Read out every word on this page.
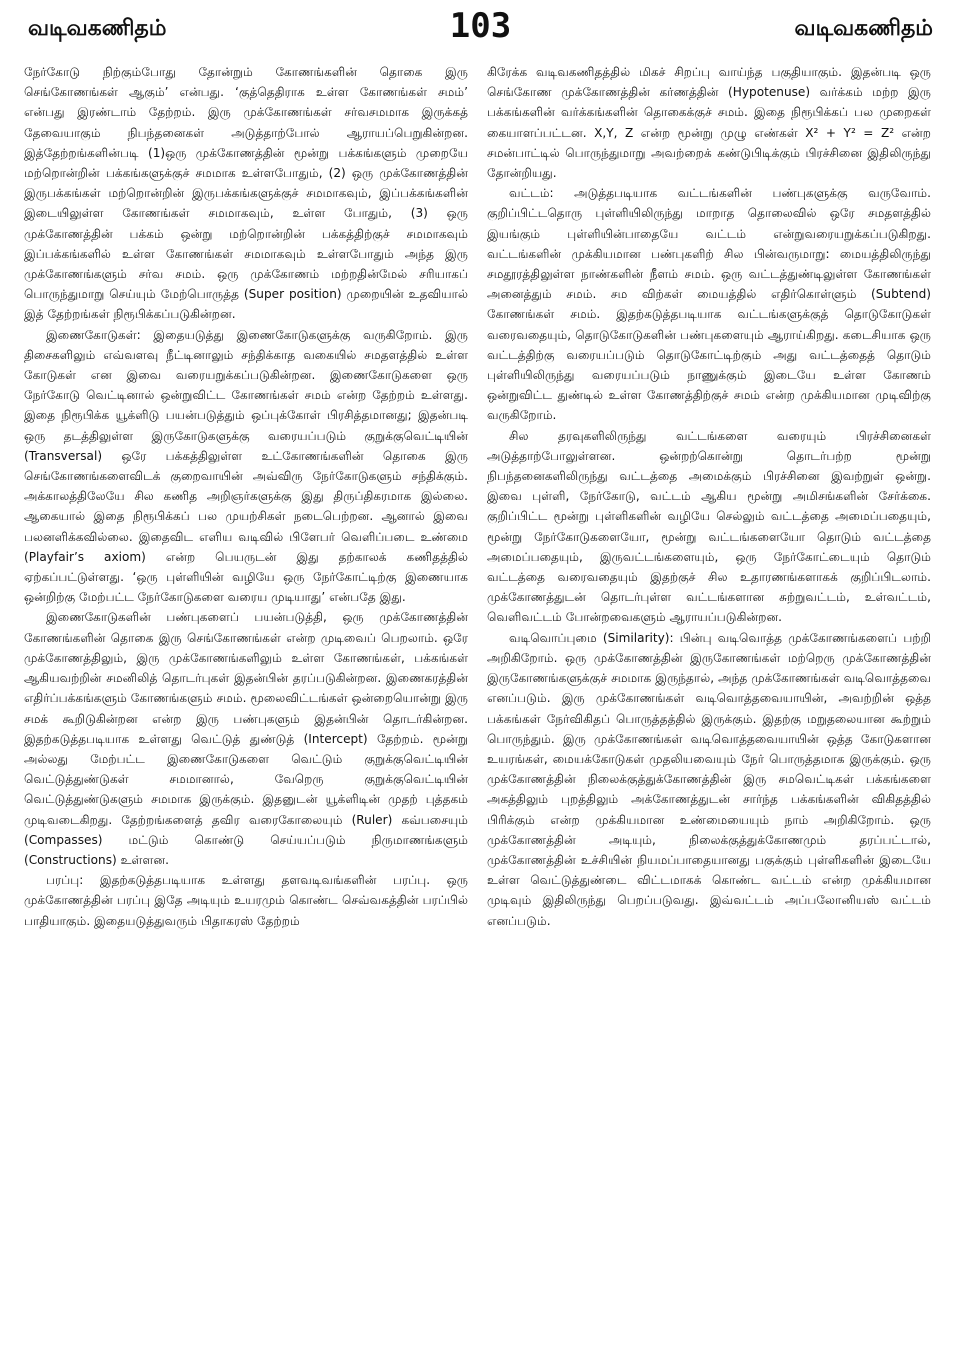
வடிவகணிதம்	103	வடிவகணிதம்

நேர்கோடு நிற்கும்போது தோன்றும் கோணங்களின் தொகை இரு செங்கோணங்கள் ஆகும்’ என்பது. ‘குத்தெதிராக உள்ள கோணங்கள் சமம்’ என்பது இரண்டாம் தேற்றம். இரு முக்கோணங்கள் சர்வசமமாக இருக்கத் தேவையாகும் நிபந்தனைகள் அடுத்தாற்போல் ஆராயப்பெறுகின்றன. இத்தேற்றங்களின்படி (1)ஒரு முக்கோணத்தின் மூன்று பக்கங்களும் முறையே மற்றொன்றின் பக்கங்களுக்குச் சமமாக உள்ளபோதும், (2) ஒரு முக்கோணத்தின் இருபக்கங்கள் மற்றொன்றின் இருபக்கங்களுக்குச் சமமாகவும், இப்பக்கங்களின் இடையிலுள்ள கோணங்கள் சமமாகவும், உள்ள போதும், (3) ஒரு முக்கோணத்தின் பக்கம் ஒன்று மற்றொன்றின் பக்கத்திற்குச் சமமாகவும் இப்பக்கங்களில் உள்ள கோணங்கள் சமமாகவும் உள்ளபோதும் அந்த இரு முக்கோணங்களும் சர்வ சமம். ஒரு முக்கோணம் மற்றதின்மேல் சரியாகப் பொருந்துமாறு செய்யும் மேற்பொருத்த (Super position) முறையின் உதவியால் இத் தேற்றங்கள் நிரூபிக்கப்படுகின்றன.

இணைகோடுகள்: இதையடுத்து இணைகோடுகளுக்கு வருகிறோம். இரு திசைகளிலும் எவ்வளவு நீட்டினாலும் சந்திக்காத வகையில் சமதளத்தில் உள்ள கோடுகள் என இவை வரையறுக்கப்படுகின்றன. இணைகோடுகளை ஒரு நேர்கோடு வெட்டினால் ஒன்றுவிட்ட கோணங்கள் சமம் என்ற தேற்றம் உள்ளது. இதை நிரூபிக்க யூக்ளிடு பயன்படுத்தும் ஒப்புக்கோள் பிரசித்தமானது; இதன்படி ஒரு தடத்திலுள்ள இருகோடுகளுக்கு வரையப்படும் குறுக்குவெட்டியின் (Transversal) ஒரே பக்கத்திலுள்ள உட்கோணங்களின் தொகை இரு செங்கோணங்களைவிடக் குறைவாயின் அவ்விரு நேர்கோடுகளும் சந்திக்கும். அக்காலத்திலேயே சில கணித அறிஞர்களுக்கு இது திருப்திகரமாக இல்லை. ஆகையால் இதை நிரூபிக்கப் பல முயற்சிகள் நடைபெற்றன. ஆனால் இவை பலனளிக்கவில்லை. இதைவிட எளிய வடிவில் பிளேபர் வெளிப்படை உண்மை (Playfair’s axiom) என்ற பெயருடன் இது தற்காலக் கணிதத்தில் ஏற்கப்பட்டுள்ளது. ‘ஒரு புள்ளியின் வழியே ஒரு நேர்கோட்டிற்கு இணையாக ஒன்றிற்கு மேற்பட்ட நேர்கோடுகளை வரைய முடியாது’ என்பதே இது.

இணைகோடுகளின் பண்புகளைப் பயன்படுத்தி, ஒரு முக்கோணத்தின் கோணங்களின் தொகை இரு செங்கோணங்கள் என்ற முடிவைப் பெறலாம். ஒரே முக்கோணத்திலும், இரு முக்கோணங்களிலும் உள்ள கோணங்கள், பக்கங்கள் ஆகியவற்றின் சமனிலித் தொடர்புகள் இதன்பின் தரப்படுகின்றன. இணைகரத்தின் எதிர்ப்பக்கங்களும் கோணங்களும் சமம். மூலைவிட்டங்கள் ஒன்றையொன்று இரு சமக் கூறிடுகின்றன என்ற இரு பண்புகளும் இதன்பின் தொடர்கின்றன. இதற்கடுத்தபடியாக உள்ளது வெட்டுத் துண்டுத் (Intercept) தேற்றம். மூன்று அல்லது மேற்பட்ட இணைகோடுகளை வெட்டும் குறுக்குவெட்டியின் வெட்டுத்துண்டுகள் சமமானால், வேறெரு குறுக்குவெட்டியின் வெட்டுத்துண்டுகளும் சமமாக இருக்கும். இதனுடன் யூக்ளிடின் முதற் புத்தகம் முடிவடைகிறது. தேற்றங்களைத் தவிர வரைகோலையும் (Ruler) கவ்பசையும் (Compasses) மட்டும் கொண்டு செய்யப்படும் நிருமாணங்களும் (Constructions) உள்ளன.

பரப்பு: இதற்கடுத்தபடியாக உள்ளது தளவடிவங்களின் பரப்பு. ஒரு முக்கோணத்தின் பரப்பு இதே அடியும் உயரமும் கொண்ட செவ்வகத்தின் பரப்பில் பாதியாகும். இதையடுத்துவரும் பிதாகரஸ் தேற்றம்

கிரேக்க வடிவகணிதத்தில் மிகச் சிறப்பு வாய்ந்த பகுதியாகும். இதன்படி ஒரு செங்கோண முக்கோணத்தின் கர்ணத்தின் (Hypotenuse) வர்க்கம் மற்ற இரு பக்கங்களின் வர்க்கங்களின் தொகைக்குச் சமம். இதை நிரூபிக்கப் பல முறைகள் கையாளப்பட்டன. X,Y, Z என்ற மூன்று முழு எண்கள் X² + Y² = Z² என்ற சமன்பாட்டில் பொருந்துமாறு அவற்றைக் கண்டுபிடிக்கும் பிரச்சினை இதிலிருந்து தோன்றியது.

வட்டம்: அடுத்தபடியாக வட்டங்களின் பண்புகளுக்கு வருவோம். குறிப்பிட்டதொரு புள்ளியிலிருந்து மாறாத தொலைவில் ஒரே சமதளத்தில் இயங்கும் புள்ளியின்பாதையே வட்டம் என்றுவரையறுக்கப்படுகிறது. வட்டங்களின் முக்கியமான பண்புகளிற் சில பின்வருமாறு: மையத்திலிருந்து சமதூரத்திலுள்ள நாண்களின் நீளம் சமம். ஒரு வட்டத்துண்டிலுள்ள கோணங்கள் அனைத்தும் சமம். சம விற்கள் மையத்தில் எதிர்கொள்ளும் (Subtend) கோணங்கள் சமம். இதற்கடுத்தபடியாக வட்டங்களுக்குத் தொடுகோடுகள் வரைவதையும், தொடுகோடுகளின் பண்புகளையும் ஆராய்கிறது. கடைசியாக ஒரு வட்டத்திற்கு வரையப்படும் தொடுகோட்டிற்கும் அது வட்டத்தைத் தொடும் புள்ளியிலிருந்து வரையப்படும் நாணுக்கும் இடையே உள்ள கோணம் ஒன்றுவிட்ட துண்டில் உள்ள கோணத்திற்குச் சமம் என்ற முக்கியமான முடிவிற்கு வருகிறோம்.

சில தரவுகளிலிருந்து வட்டங்களை வரையும் பிரச்சினைகள் அடுத்தாற்போலுள்ளன. ஒன்றற்கொன்று தொடர்பற்ற மூன்று நிபந்தனைகளிலிருந்து வட்டத்தை அமைக்கும் பிரச்சினை இவற்றுள் ஒன்று. இவை புள்ளி, நேர்கோடு, வட்டம் ஆகிய மூன்று அமிசங்களின் சேர்க்கை. குறிப்பிட்ட மூன்று புள்ளிகளின் வழியே செல்லும் வட்டத்தை அமைப்பதையும், மூன்று நேர்கோடுகளையோ, மூன்று வட்டங்களையோ தொடும் வட்டத்தை அமைப்பதையும், இருவட்டங்களையும், ஒரு நேர்கோட்டையும் தொடும் வட்டத்தை வரைவதையும் இதற்குச் சில உதாரணங்களாகக் குறிப்பிடலாம். முக்கோணத்துடன் தொடர்புள்ள வட்டங்களான சுற்றுவட்டம், உள்வட்டம், வெளிவட்டம் போன்றவைகளும் ஆராயப்படுகின்றன.

வடிவொப்புமை (Similarity): பின்பு வடிவொத்த முக்கோணங்களைப் பற்றி அறிகிறோம். ஒரு முக்கோணத்தின் இருகோணங்கள் மற்றெரு முக்கோணத்தின் இருகோணங்களுக்குச் சமமாக இருந்தால், அந்த முக்கோணங்கள் வடிவொத்தவை எனப்படும். இரு முக்கோணங்கள் வடிவொத்தவையாயின், அவற்றின் ஒத்த பக்கங்கள் நேர்விகிதப் பொருத்தத்தில் இருக்கும். இதற்கு மறுதலையான கூற்றும் பொருந்தும். இரு முக்கோணங்கள் வடிவொத்தவையாயின் ஒத்த கோடுகளான உயரங்கள், மையக்கோடுகள் முதலியவையும் நேர் பொருத்தமாக இருக்கும். ஒரு முக்கோணத்தின் நிலைக்குத்துக்கோணத்தின் இரு சமவெட்டிகள் பக்கங்களை அகத்திலும் புறத்திலும் அக்கோணத்துடன் சார்ந்த பக்கங்களின் விகிதத்தில் பிரிக்கும் என்ற முக்கியமான உண்மையையும் நாம் அறிகிறோம். ஒரு முக்கோணத்தின் அடியும், நிலைக்குத்துக்கோணமும் தரப்பட்டால், முக்கோணத்தின் உச்சியின் நியமப்பாதையானது பகுக்கும் புள்ளிகளின் இடையே உள்ள வெட்டுத்துண்டை விட்டமாகக் கொண்ட வட்டம் என்ற முக்கியமான முடிவும் இதிலிருந்து பெறப்படுவது. இவ்வட்டம் அப்பலோனியஸ் வட்டம் எனப்படும்.
